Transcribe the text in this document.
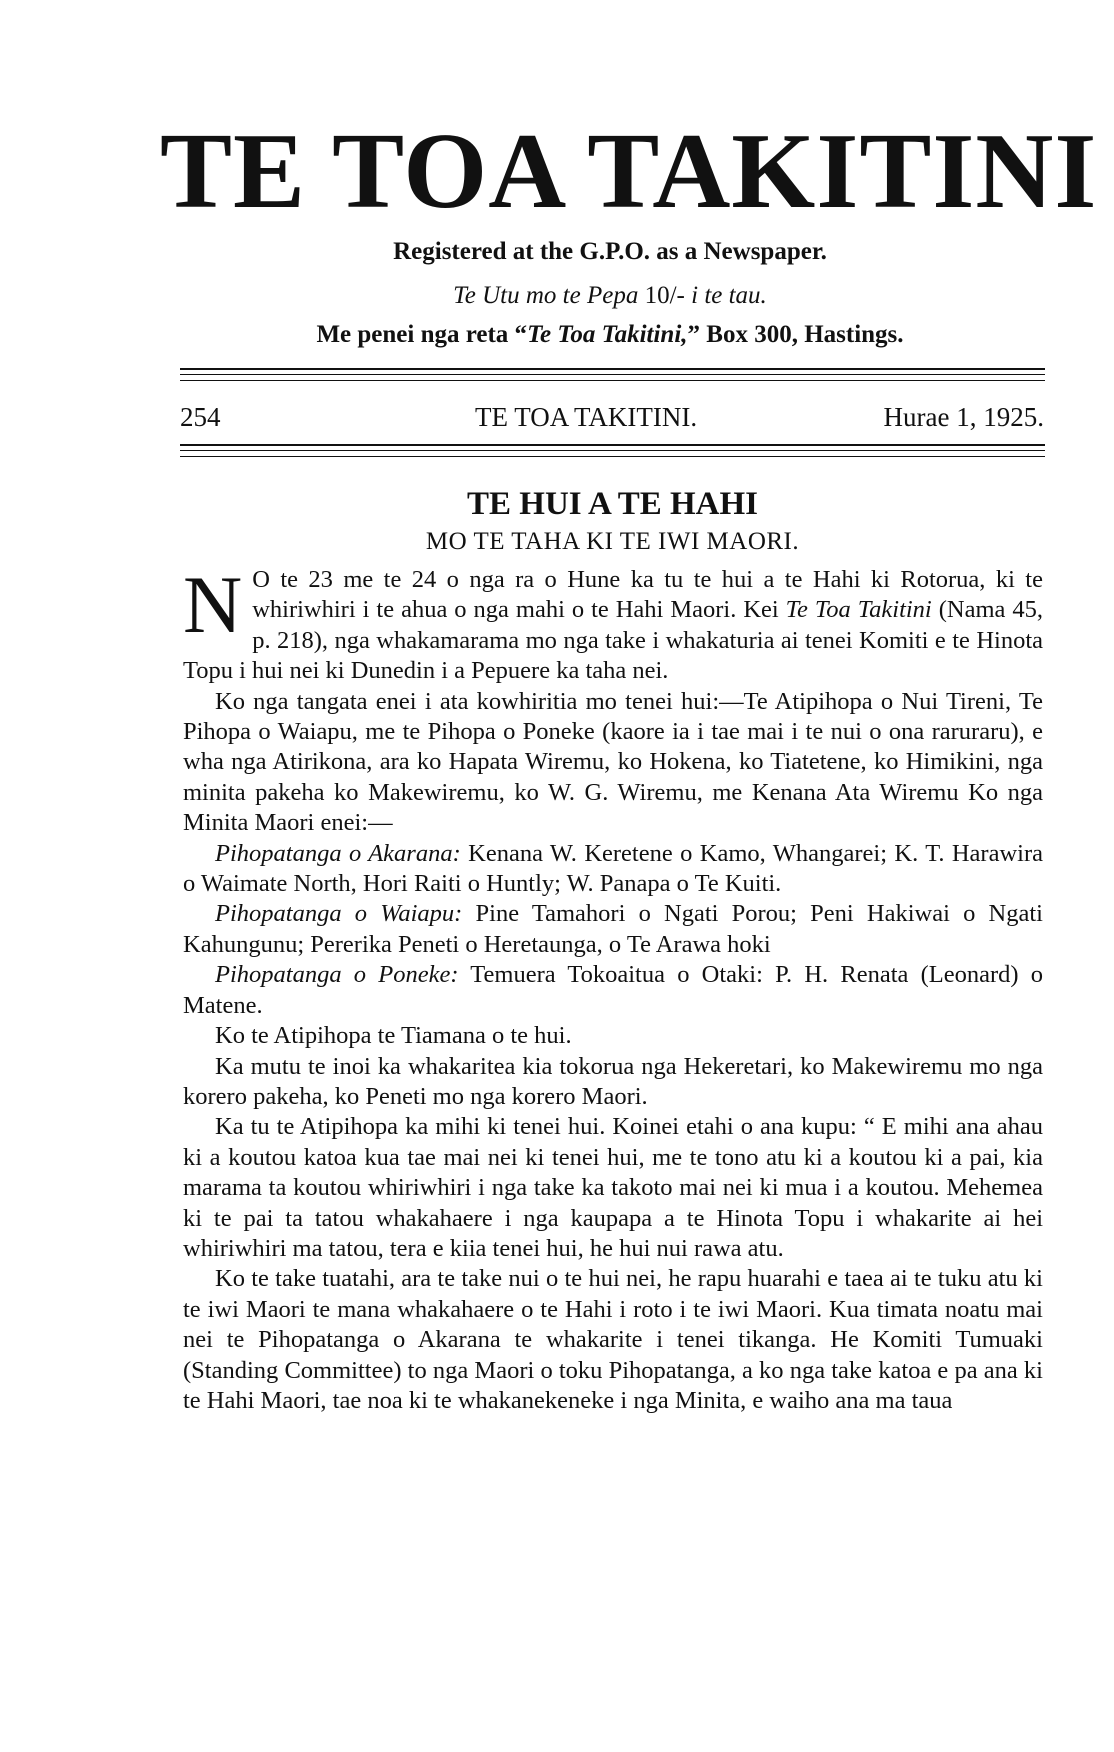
TE TOA TAKITINI
Registered at the G.P.O. as a Newspaper.
Te Utu mo te Pepa 10/- i te tau.
Me penei nga reta “Te Toa Takitini,” Box 300, Hastings.
254	TE TOA TAKITINI.	Hurae 1, 1925.
TE HUI A TE HAHI
MO TE TAHA KI TE IWI MAORI.

N O te 23 me te 24 o nga ra o Hune ka tu te hui a te Hahi ki Rotorua, ki te whiriwhiri i te ahua o nga mahi o te Hahi Maori. Kei Te Toa Takitini (Nama 45, p. 218), nga whakamarama mo nga take i whakaturia ai tenei Komiti e te Hinota Topu i hui nei ki Dunedin i a Pepuere ka taha nei.

Ko nga tangata enei i ata kowhiritia mo tenei hui:—Te Atipihopa o Nui Tireni, Te Pihopa o Waiapu, me te Pihopa o Poneke (kaore ia i tae mai i te nui o ona raruraru), e wha nga Atirikona, ara ko Hapata Wiremu, ko Hokena, ko Tiatetene, ko Himikini, nga minita pakeha ko Makewiremu, ko W. G. Wiremu, me Kenana Ata Wiremu Ko nga Minita Maori enei:—

Pihopatanga o Akarana: Kenana W. Keretene o Kamo, Whangarei; K. T. Harawira o Waimate North, Hori Raiti o Huntly; W. Panapa o Te Kuiti.

Pihopatanga o Waiapu: Pine Tamahori o Ngati Porou; Peni Hakiwai o Ngati Kahungunu; Pererika Peneti o Heretaunga, o Te Arawa hoki

Pihopatanga o Poneke: Temuera Tokoaitua o Otaki: P. H. Renata (Leonard) o Matene.

Ko te Atipihopa te Tiamana o te hui.

Ka mutu te inoi ka whakaritea kia tokorua nga Hekeretari, ko Makewiremu mo nga korero pakeha, ko Peneti mo nga korero Maori.

Ka tu te Atipihopa ka mihi ki tenei hui. Koinei etahi o ana kupu: “ E mihi ana ahau ki a koutou katoa kua tae mai nei ki tenei hui, me te tono atu ki a koutou ki a pai, kia marama ta koutou whiriwhiri i nga take ka takoto mai nei ki mua i a koutou. Mehemea ki te pai ta tatou whakahaere i nga kaupapa a te Hinota Topu i whakarite ai hei whiriwhiri ma tatou, tera e kiia tenei hui, he hui nui rawa atu.

Ko te take tuatahi, ara te take nui o te hui nei, he rapu huarahi e taea ai te tuku atu ki te iwi Maori te mana whakahaere o te Hahi i roto i te iwi Maori. Kua timata noatu mai nei te Pihopatanga o Akarana te whakarite i tenei tikanga. He Komiti Tumuaki (Standing Committee) to nga Maori o toku Pihopatanga, a ko nga take katoa e pa ana ki te Hahi Maori, tae noa ki te whakanekeneke i nga Minita, e waiho ana ma taua
